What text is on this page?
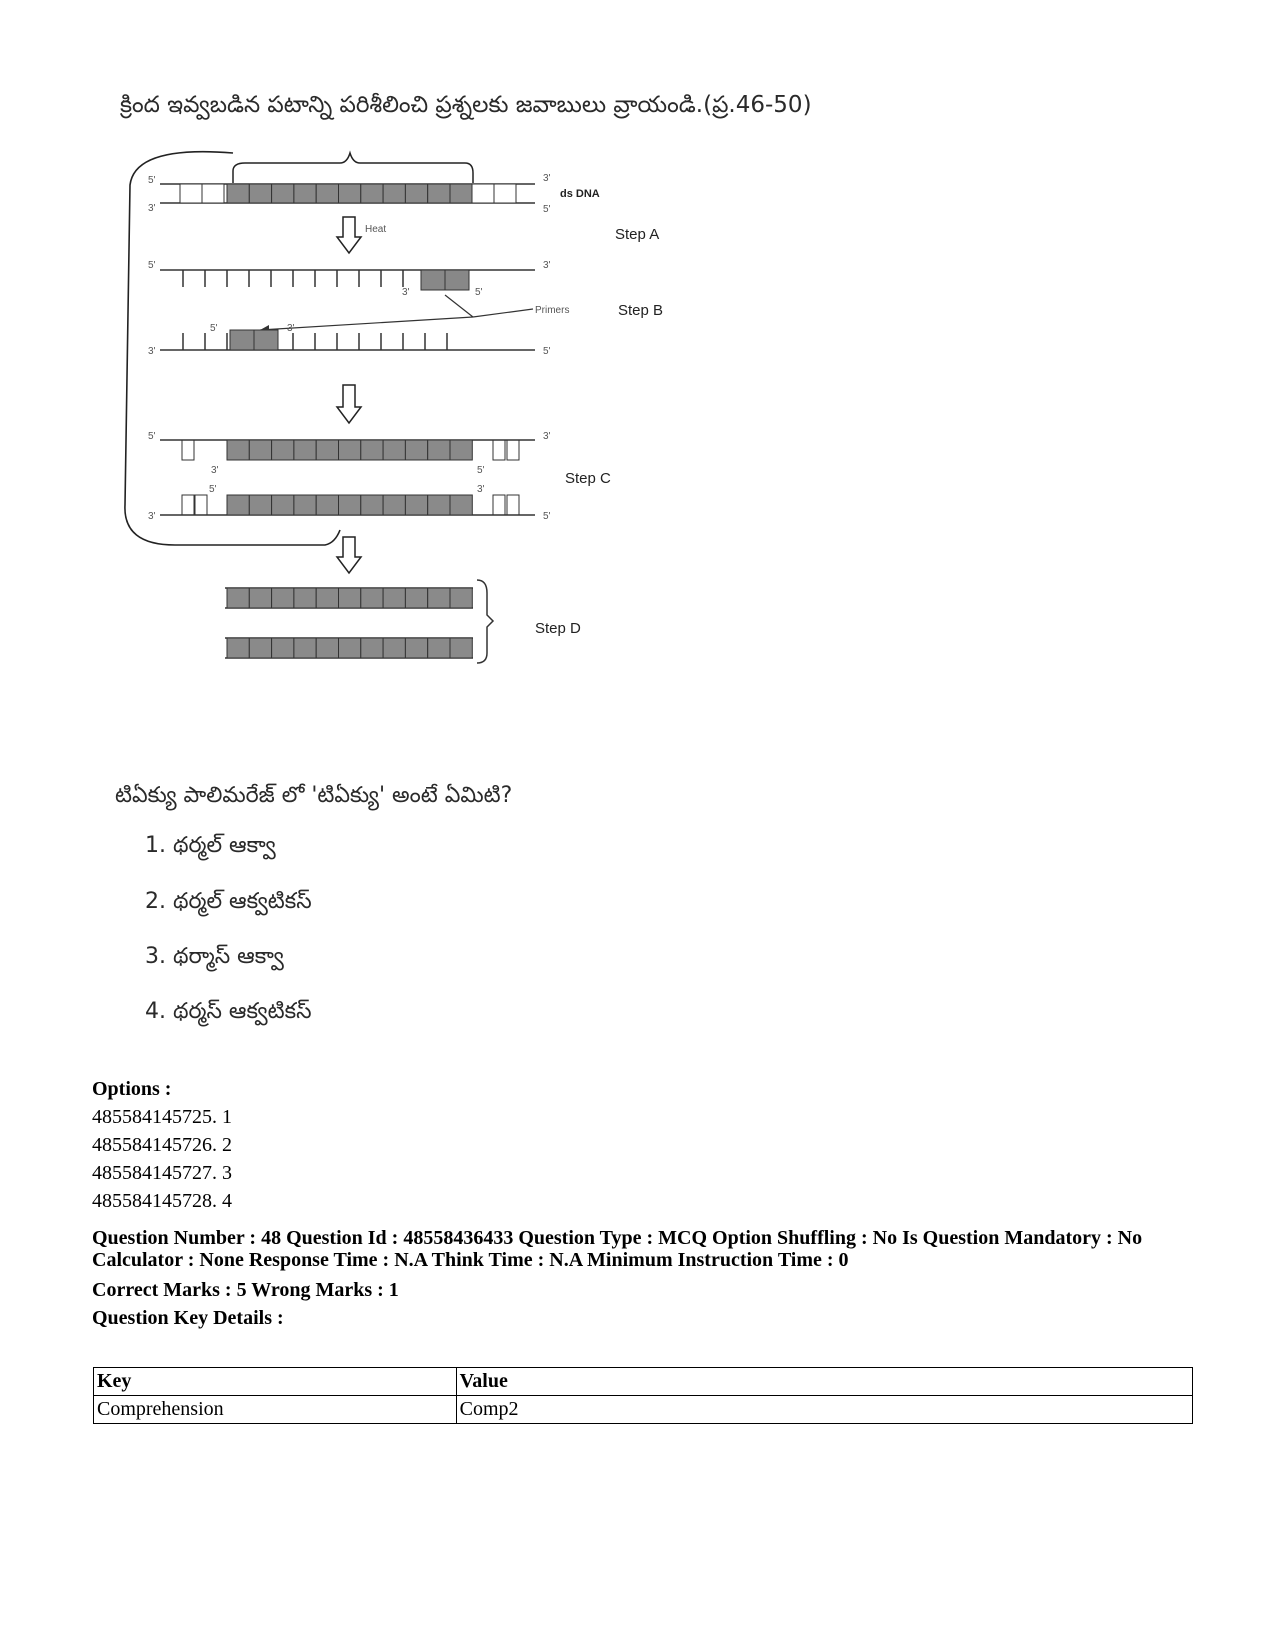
క్రింద ఇవ్వబడిన పటాన్ని పరిశీలించి ప్రశ్నలకు జవాబులు వ్రాయండి.(ప్ర.46-50)
5'
3'
3'
5'
ds DNA
Heat	Step A
5'	3'
3'	5'
Primers	Step B
5'	3'
3'	5'
5'	3'
3'	5'	Step C
5'	3'
3'	5'
Step D
టిఏక్యు పాలిమరేజ్ లో 'టిఏక్యు' అంటే ఏమిటి?
1. థర్మల్ ఆక్వా
2. థర్మల్ ఆక్వటికస్
3. థర్మాస్ ఆక్వా
4. థర్మస్ ఆక్వటికస్
Options :
485584145725. 1
485584145726. 2
485584145727. 3
485584145728. 4
Question Number : 48 Question Id : 48558436433 Question Type : MCQ Option Shuffling : No Is Question Mandatory : No Calculator : None Response Time : N.A Think Time : N.A Minimum Instruction Time : 0
Correct Marks : 5 Wrong Marks : 1
Question Key Details :
Key	Value
Comprehension	Comp2
